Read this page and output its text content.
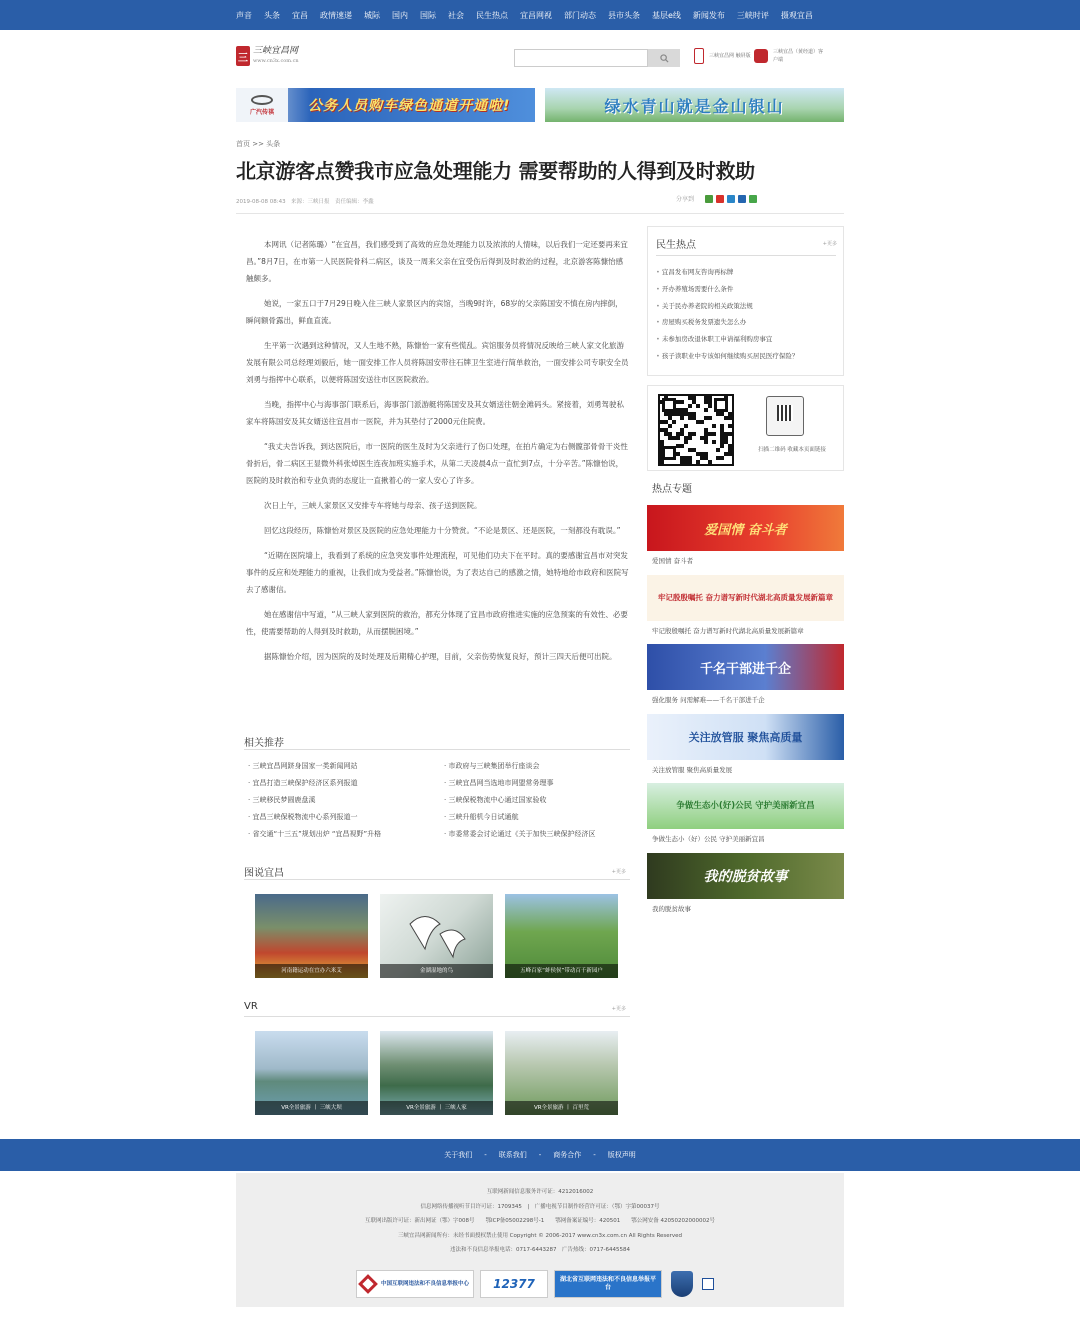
声音 头条 宜昌 政情速递 城际 国内 国际 社会 民生热点 宜昌网视 部门动态 县市头条 基层e线 新闻发布 三峡时评 摄观宜昌
三
三峡宜昌网
www.cn3x.com.cn
三峡宜昌网 触屏版
三峡宜昌（黄经道）客户端
广汽传祺 公务人员购车绿色通道开通啦!	绿水青山就是金山银山
首页 >> 头条
北京游客点赞我市应急处理能力 需要帮助的人得到及时救助
2019-08-08 08:43　来源：三峡日报　责任编辑：李鑫	分享到

本网讯（记者陈璐）“在宜昌，我们感受到了高效的应急处理能力以及浓浓的人情味，以后我们一定还要再来宜昌。”8月7日，在市第一人民医院骨科二病区，谈及一周来父亲在宜受伤后得到及时救治的过程，北京游客陈慷怡感触颇多。

她说，一家五口于7月29日晚入住三峡人家景区内的宾馆，当晚9时许，68岁的父亲陈国安不慎在房内摔倒，瞬间额骨露出，鲜血直流。

生平第一次遇到这种情况，又人生地不熟，陈慷怡一家有些慌乱。宾馆服务员将情况反映给三峡人家文化旅游发展有限公司总经理刘毅后，她一面安排工作人员将陈国安带往石牌卫生室进行简单救治，一面安排公司专职安全员刘勇与指挥中心联系，以便将陈国安送往市区医院救治。

当晚，指挥中心与海事部门联系后，海事部门派游艇将陈国安及其女婿送往朝金滩码头。紧接着，刘勇驾驶私家车将陈国安及其女婿送往宜昌市一医院，并为其垫付了2000元住院费。

“我丈夫告诉我，到达医院后，市一医院的医生及时为父亲进行了伤口处理，在拍片确定为右侧髋部骨骨干炎性骨折后，骨二病区王显微外科张焯医生连夜加班实施手术，从第二天凌晨4点一直忙到7点，十分辛苦。”陈慷怡说，医院的及时救治和专业负责的态度让一直揪着心的一家人安心了许多。

次日上午，三峡人家景区又安排专车将她与母亲、孩子送到医院。

回忆这段经历，陈慷怡对景区及医院的应急处理能力十分赞赏。“不论是景区、还是医院，一刻都没有耽误。”

“近期在医院墙上，我看到了系统的应急突发事件处理流程，可见他们功夫下在平时。真的要感谢宜昌市对突发事件的反应和处理能力的重视，让我们成为受益者。”陈慷怡说，为了表达自己的感激之情，她特地给市政府和医院写去了感谢信。

她在感谢信中写道，“从三峡人家到医院的救治，都充分体现了宜昌市政府推进实施的应急预案的有效性、必要性，使需要帮助的人得到及时救助，从而摆脱困境。”

据陈慷怡介绍，因为医院的及时处理及后期精心护理，目前，父亲伤势恢复良好，预计三四天后便可出院。

相关推荐
· 三峡宜昌网跻身国家一类新闻网站
· 宜昌打造三峡保护经济区系列报道
· 三峡移民梦圆鹿盘溪
· 宜昌三峡保税物流中心系列报道一
· 省交通“十三五”规划出炉 “宜昌视野”升格
· 市政府与三峡集团举行座谈会
· 三峡宜昌网当选地市网盟常务理事
· 三峡保税物流中心通过国家验收
· 三峡升船机今日试通航
· 市委常委会讨论通过《关于加快三峡保护经济区
图说宜昌	+更多
河南籍运动在宜办六米艾	金湖湿地的鸟	五峰百家“蚌侯侯”带动百千新园户
VR	+更多
VR全景旅游 丨 三峡大坝	VR全景旅游 丨 三峡人家	VR全景旅游 丨 百里荒
民生热点	+更多
• 宜昌发布网友咨询再标牌
• 开办养殖场需要什么条件
• 关于民办养老院的相关政策法规
• 房屋购买税务发票遗失怎么办
• 未参加房改退休职工申请福利购房事宜
• 孩子读职业中专该如何继续购买居民医疗保险？
扫描二维码 收藏本页面链接
热点专题
爱国情 奋斗者
爱国情 奋斗者
牢记殷殷嘱托 奋力谱写新时代湖北高质量发展新篇章
牢记殷殷嘱托 奋力谱写新时代湖北高质量发展新篇章
千名干部进千企
强化服务 问需解难——千名干部进千企
关注放管服 聚焦高质量
关注放管服 聚焦高质量发展
争做生态小(好)公民 守护美丽新宜昌
争做生态小（好）公民 守护美丽新宜昌
我的脱贫故事
我的脱贫故事
关于我们 - 联系我们 - 商务合作 - 版权声明
互联网新闻信息服务许可证：4212016002
信息网络传播视听节目许可证：1709345　|　广播电视节目制作经营许可证：（鄂）字第00037号
互联网出版许可证：新出网证（鄂）字008号　　鄂ICP备05002298号-1　　鄂网备案证编号：420501　　鄂公网安备 42050202000002号
三峡宜昌网新闻所有：未经书面授权禁止使用 Copyright © 2006-2017 www.cn3x.com.cn All Rights Reserved
违法和不良信息举报电话：0717-6443287　广告热线：0717-6445584
中国互联网违法和不良信息举报中心 12377	湖北省互联网违法和不良信息举报平台
